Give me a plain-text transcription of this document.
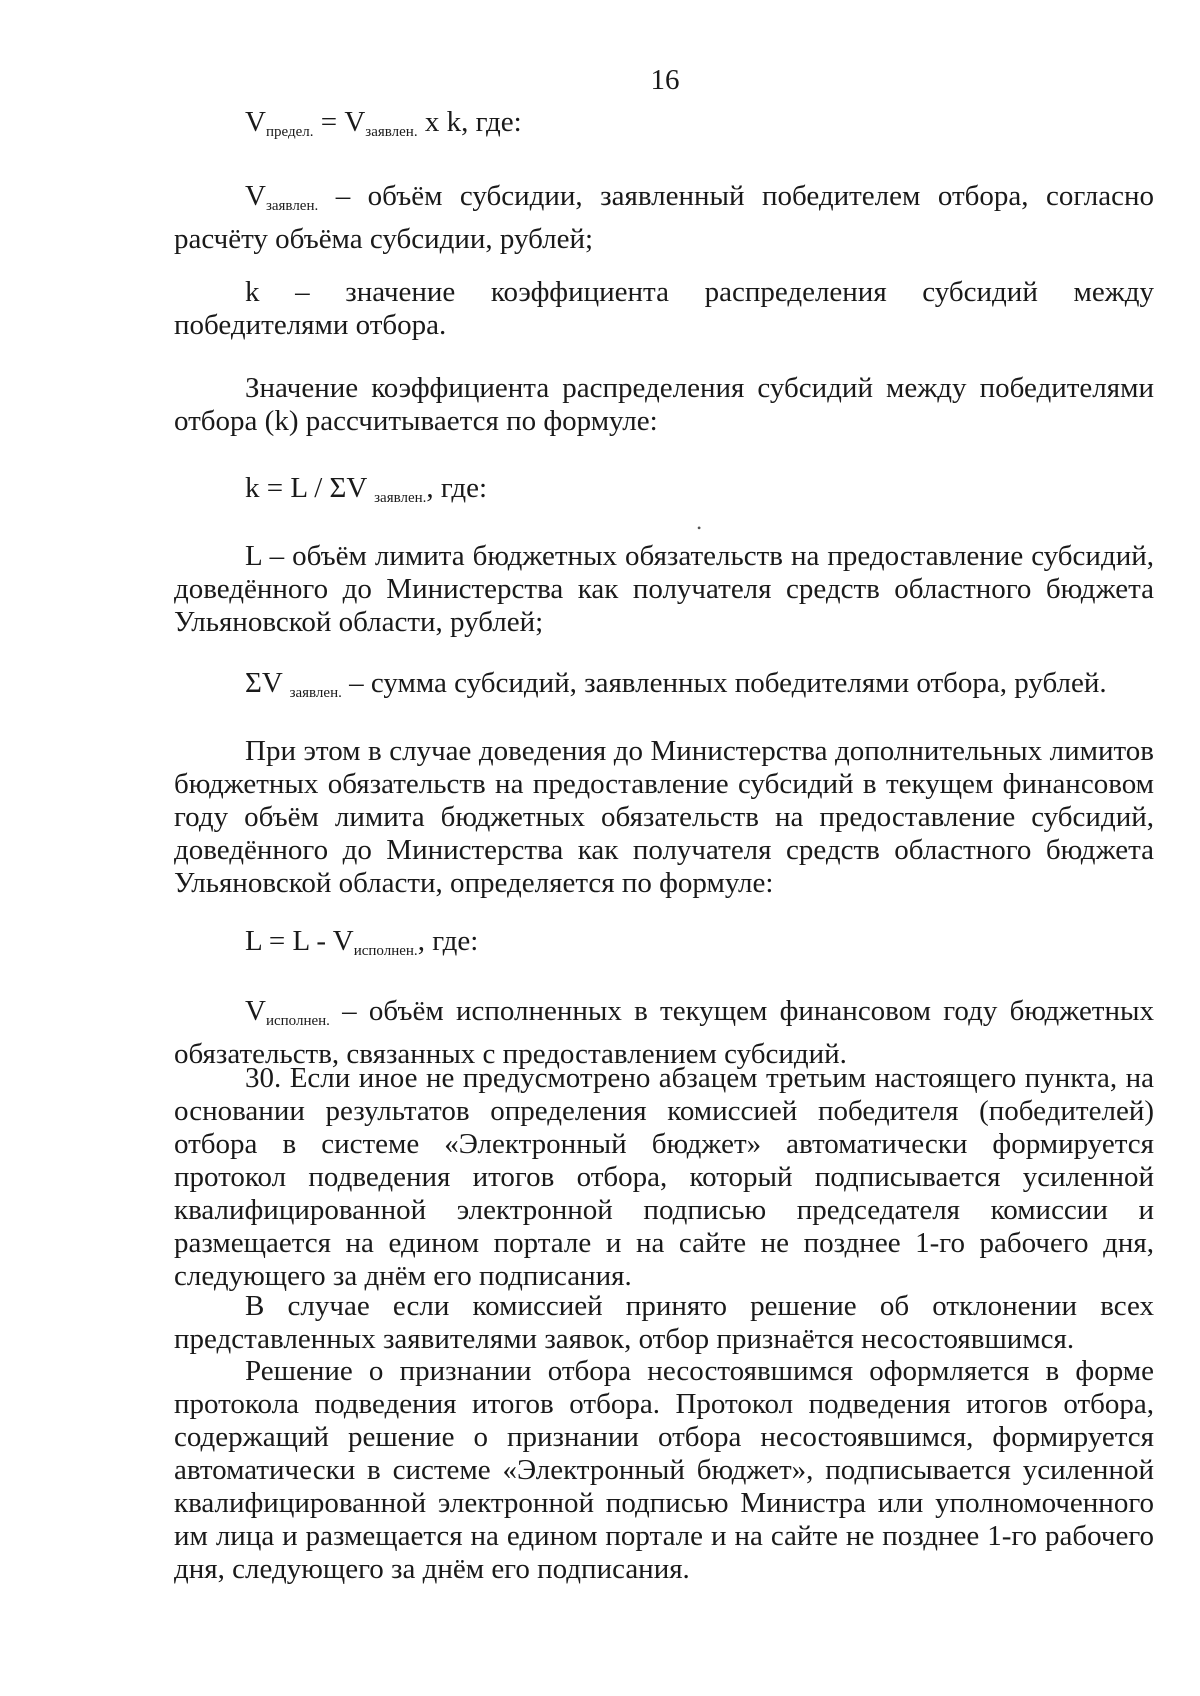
16
$V_{предел.} = V_{заявлен.}$ x k, где:
$V_{заявлен.}$ – объём субсидии, заявленный победителем отбора, согласно расчёту объёма субсидии, рублей;
k – значение коэффициента распределения субсидий между победителями отбора.
Значение коэффициента распределения субсидий между победителями отбора (k) рассчитывается по формуле:
k = L / ΣV заявлен., где:
•
L – объём лимита бюджетных обязательств на предоставление субсидий, доведённого до Министерства как получателя средств областного бюджета Ульяновской области, рублей;
ΣV заявлен. – сумма субсидий, заявленных победителями отбора, рублей.
При этом в случае доведения до Министерства дополнительных лимитов бюджетных обязательств на предоставление субсидий в текущем финансовом году объём лимита бюджетных обязательств на предоставление субсидий, доведённого до Министерства как получателя средств областного бюджета Ульяновской области, определяется по формуле:
$L = L - V_{исполнен.}$, где:
$V_{исполнен.}$ – объём исполненных в текущем финансовом году бюджетных обязательств, связанных с предоставлением субсидий.
30. Если иное не предусмотрено абзацем третьим настоящего пункта, на основании результатов определения комиссией победителя (победителей) отбора в системе «Электронный бюджет» автоматически формируется протокол подведения итогов отбора, который подписывается усиленной квалифицированной электронной подписью председателя комиссии и размещается на едином портале и на сайте не позднее 1-го рабочего дня, следующего за днём его подписания.
В случае если комиссией принято решение об отклонении всех представленных заявителями заявок, отбор признаётся несостоявшимся.
Решение о признании отбора несостоявшимся оформляется в форме протокола подведения итогов отбора. Протокол подведения итогов отбора, содержащий решение о признании отбора несостоявшимся, формируется автоматически в системе «Электронный бюджет», подписывается усиленной квалифицированной электронной подписью Министра или уполномоченного им лица и размещается на едином портале и на сайте не позднее 1-го рабочего дня, следующего за днём его подписания.
